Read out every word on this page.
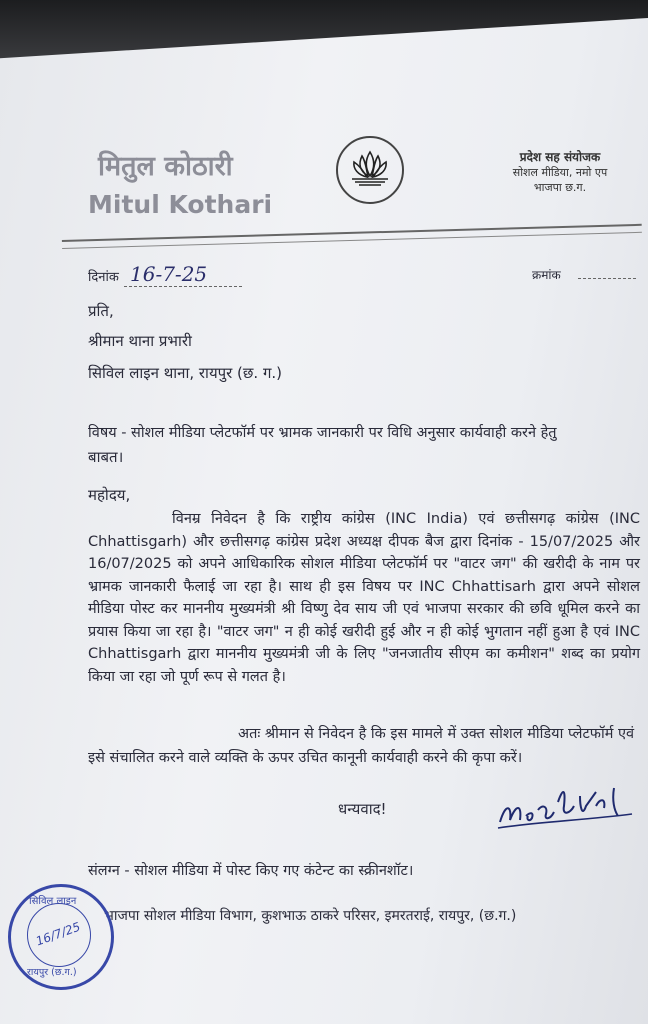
मितुल कोठारी
Mitul Kothari
प्रदेश सह संयोजक
सोशल मीडिया, नमो एप
भाजपा छ.ग.
दिनांक 16-7-25	क्रमांक
प्रति,
श्रीमान थाना प्रभारी
सिविल लाइन थाना, रायपुर (छ. ग.)
विषय - सोशल मीडिया प्लेटफॉर्म पर भ्रामक जानकारी पर विधि अनुसार कार्यवाही करने हेतु
बाबत।
महोदय,
विनम्र निवेदन है कि राष्ट्रीय कांग्रेस (INC India) एवं छत्तीसगढ़ कांग्रेस (INC Chhattisgarh) और छत्तीसगढ़ कांग्रेस प्रदेश अध्यक्ष दीपक बैज द्वारा दिनांक - 15/07/2025 और 16/07/2025 को अपने आधिकारिक सोशल मीडिया प्लेटफॉर्म पर "वाटर जग" की खरीदी के नाम पर भ्रामक जानकारी फैलाई जा रहा है। साथ ही इस विषय पर INC Chhattisarh द्वारा अपने सोशल मीडिया पोस्ट कर माननीय मुख्यमंत्री श्री विष्णु देव साय जी एवं भाजपा सरकार की छवि धूमिल करने का प्रयास किया जा रहा है। "वाटर जग" न ही कोई खरीदी हुई और न ही कोई भुगतान नहीं हुआ है एवं INC Chhattisgarh द्वारा माननीय मुख्यमंत्री जी के लिए "जनजातीय सीएम का कमीशन" शब्द का प्रयोग किया जा रहा जो पूर्ण रूप से गलत है।
अतः श्रीमान से निवेदन है कि इस मामले में उक्त सोशल मीडिया प्लेटफॉर्म एवं इसे संचालित करने वाले व्यक्ति के ऊपर उचित कानूनी कार्यवाही करने की कृपा करें।
धन्यवाद!
संलग्न - सोशल मीडिया में पोस्ट किए गए कंटेन्ट का स्क्रीनशॉट।
भाजपा सोशल मीडिया विभाग, कुशभाऊ ठाकरे परिसर, इमरतराई, रायपुर, (छ.ग.)
सिविल लाइन
16/7/25
रायपुर (छ.ग.)
